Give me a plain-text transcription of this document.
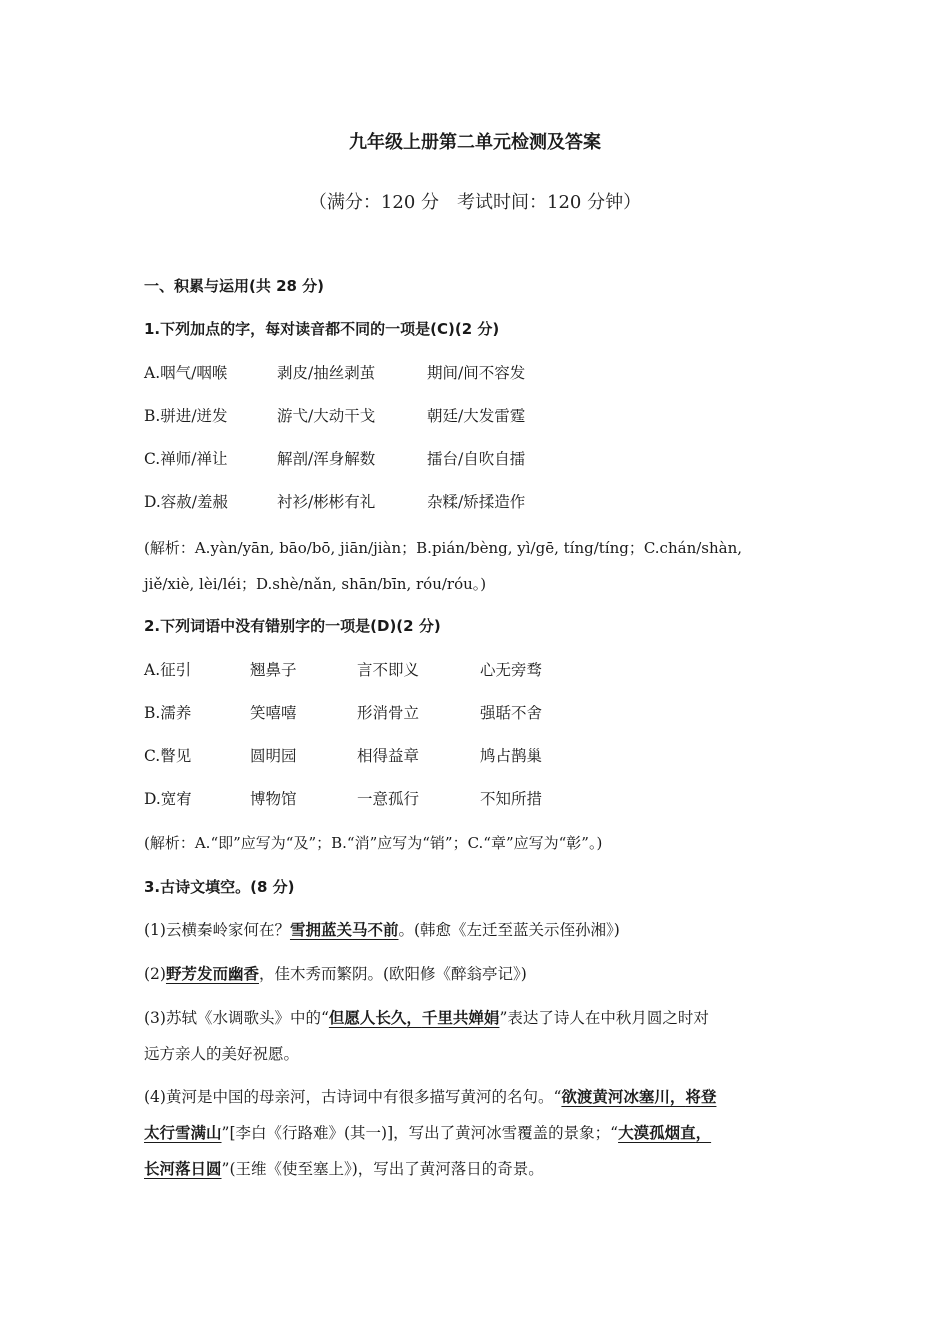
九年级上册第二单元检测及答案
（满分：120 分　考试时间：120 分钟）
一、积累与运用(共 28 分)
1.下列加点的字，每对读音都不同的一项是(C)(2 分)
A.咽气/咽喉	剥皮/抽丝剥茧	期间/间不容发
B.骈进/迸发	游弋/大动干戈	朝廷/大发雷霆
C.禅师/禅让	解剖/浑身解数	擂台/自吹自擂
D.容赦/羞赧	衬衫/彬彬有礼	杂糅/矫揉造作
(解析：A.yàn/yān, bāo/bō, jiān/jiàn；B.pián/bèng, yì/gē, tíng/tíng；C.chán/shàn,
jiě/xiè, lèi/léi；D.shè/nǎn, shān/bīn, róu/róu。)
2.下列词语中没有错别字的一项是(D)(2 分)
A.征引	翘鼻子	言不即义	心无旁骛
B.濡养	笑嘻嘻	形消骨立	强聒不舍
C.瞥见	圆明园	相得益章	鸠占鹊巢
D.宽宥	博物馆	一意孤行	不知所措
(解析：A.“即”应写为“及”；B.“消”应写为“销”；C.“章”应写为“彰”。)
3.古诗文填空。(8 分)
(1)云横秦岭家何在？雪拥蓝关马不前。(韩愈《左迁至蓝关示侄孙湘》)
(2)野芳发而幽香，佳木秀而繁阴。(欧阳修《醉翁亭记》)
(3)苏轼《水调歌头》中的“但愿人长久，千里共婵娟”表达了诗人在中秋月圆之时对
远方亲人的美好祝愿。
(4)黄河是中国的母亲河，古诗词中有很多描写黄河的名句。“欲渡黄河冰塞川，将登
太行雪满山”[李白《行路难》(其一)]，写出了黄河冰雪覆盖的景象；“大漠孤烟直，
长河落日圆”(王维《使至塞上》)，写出了黄河落日的奇景。
